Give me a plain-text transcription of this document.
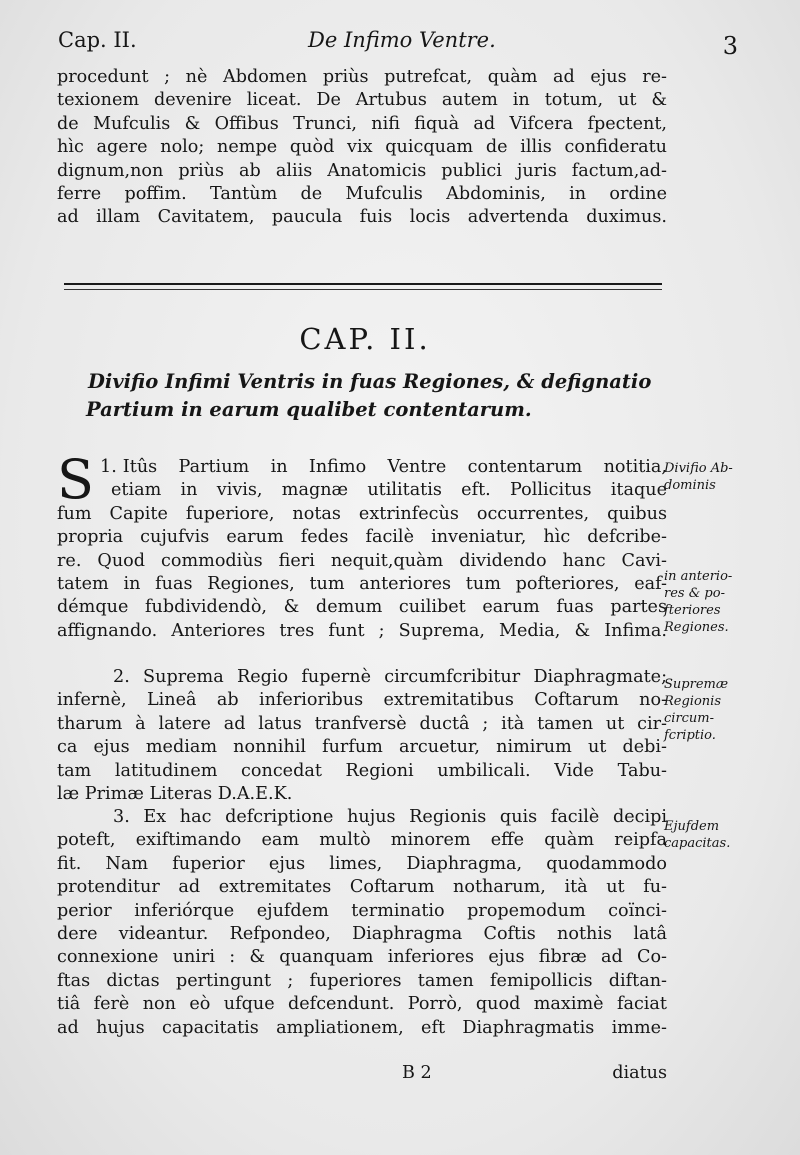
Cap. II.	De Infimo Ventre.	3
procedunt ; nè Abdomen priùs putrefcat, quàm ad ejus re-
texionem devenire liceat. De Artubus autem in totum, ut &
de Mufculis & Offibus Trunci, nifi fiquà ad Vifcera fpectent,
hìc agere nolo; nempe quòd vix quicquam de illis confideratu
dignum,non priùs ab aliis Anatomicis publici juris factum,ad-
ferre poffim. Tantùm de Mufculis Abdominis, in ordine
ad illam Cavitatem, paucula fuis locis advertenda duximus.
CAP. II.
Divifio Infimi Ventris in fuas Regiones, & defignatio
Partium in earum qualibet contentarum.
1.
S Itûs Partium in Infimo Ventre contentarum notitia,
etiam in vivis, magnæ utilitatis eft. Pollicitus itaque
fum Capite fuperiore, notas extrinfecùs occurrentes, quibus
propria cujufvis earum fedes facilè inveniatur, hìc defcribe-
re. Quod commodiùs fieri nequit,quàm dividendo hanc Cavi-
tatem in fuas Regiones, tum anteriores tum pofteriores, eaf-
démque fubdividendò, & demum cuilibet earum fuas partes
affignando. Anteriores tres funt ; Suprema, Media, & Infima.
2. Suprema Regio fupernè circumfcribitur Diaphragmate;
infernè, Lineâ ab inferioribus extremitatibus Coftarum no-
tharum à latere ad latus tranfversè ductâ ; ità tamen ut cir-
ca ejus mediam nonnihil furfum arcuetur, nimirum ut debi-
tam latitudinem concedat Regioni umbilicali. Vide Tabu-
læ Primæ Literas D.A.E.K.
3. Ex hac defcriptione hujus Regionis quis facilè decipi
poteft, exiftimando eam multò minorem effe quàm reipfa
fit. Nam fuperior ejus limes, Diaphragma, quodammodo
protenditur ad extremitates Coftarum notharum, ità ut fu-
perior inferiórque ejufdem terminatio propemodum coïnci-
dere videantur. Refpondeo, Diaphragma Coftis nothis latâ
connexione uniri : & quanquam inferiores ejus fibræ ad Co-
ftas dictas pertingunt ; fuperiores tamen femipollicis diftan-
tiâ ferè non eò ufque defcendunt. Porrò, quod maximè faciat
ad hujus capacitatis ampliationem, eft Diaphragmatis imme-
Divifio Ab-
dominis
in anterio-
res & po-
fteriores
Regiones.
Supremæ
Regionis
circum-
fcriptio.
Ejufdem
capacitas.
B 2	diatus
